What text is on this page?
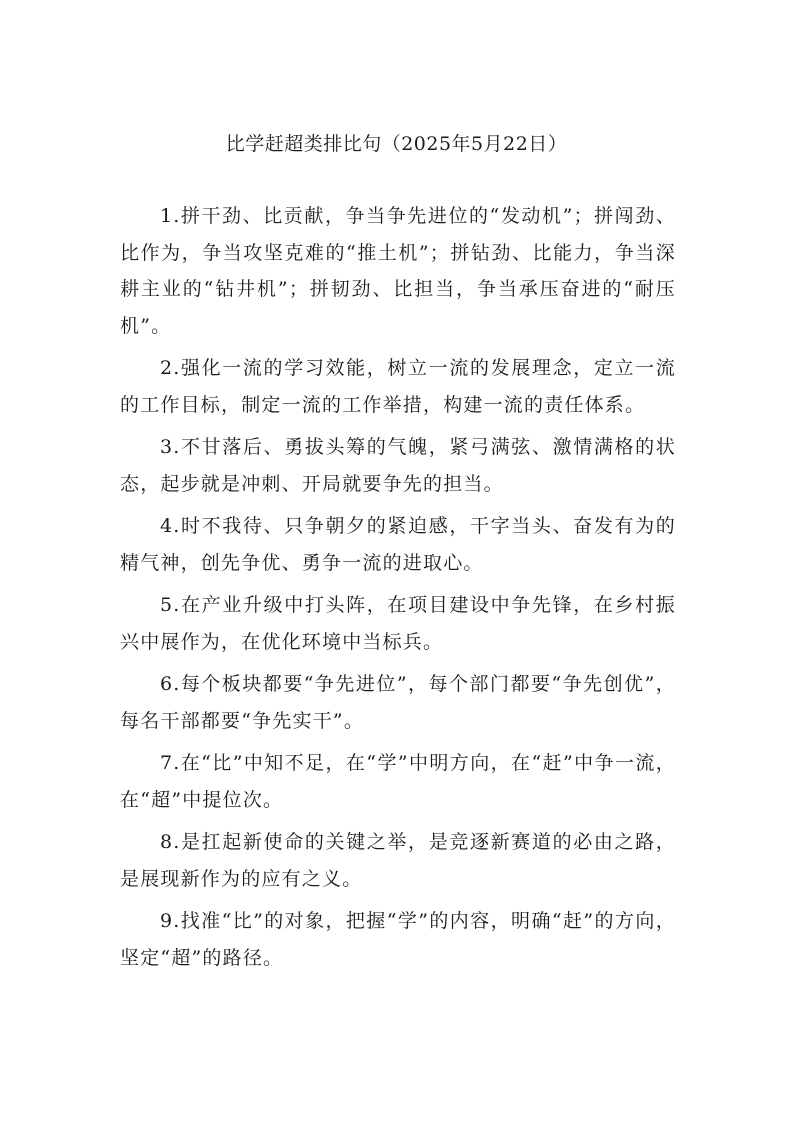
比学赶超类排比句（2025年5月22日）

1.拼干劲、比贡献，争当争先进位的“发动机”；拼闯劲、比作为，争当攻坚克难的“推土机”；拼钻劲、比能力，争当深耕主业的“钻井机”；拼韧劲、比担当，争当承压奋进的“耐压机”。

2.强化一流的学习效能，树立一流的发展理念，定立一流的工作目标，制定一流的工作举措，构建一流的责任体系。

3.不甘落后、勇拔头筹的气魄，紧弓满弦、激情满格的状态，起步就是冲刺、开局就要争先的担当。

4.时不我待、只争朝夕的紧迫感，干字当头、奋发有为的精气神，创先争优、勇争一流的进取心。

5.在产业升级中打头阵，在项目建设中争先锋，在乡村振兴中展作为，在优化环境中当标兵。

6.每个板块都要“争先进位”，每个部门都要“争先创优”，每名干部都要“争先实干”。

7.在“比”中知不足，在“学”中明方向，在“赶”中争一流，在“超”中提位次。

8.是扛起新使命的关键之举，是竞逐新赛道的必由之路，是展现新作为的应有之义。

9.找准“比”的对象，把握“学”的内容，明确“赶”的方向，坚定“超”的路径。
